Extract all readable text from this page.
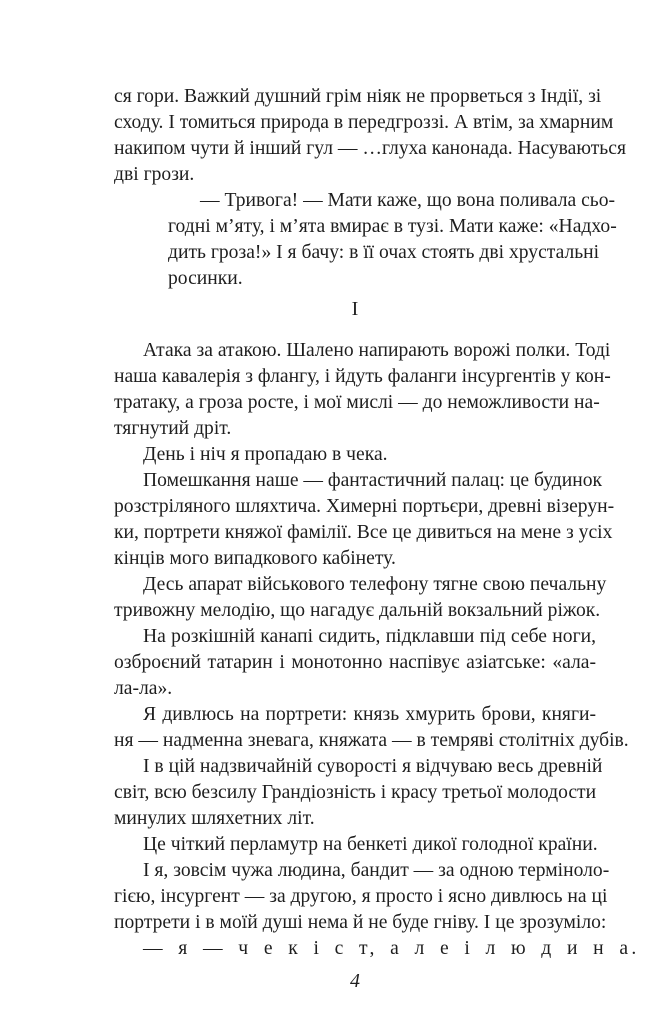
ся гори. Важкий душний грім ніяк не прорветься з Індії, зі
сходу. І томиться природа в передгроззі. А втім, за хмарним
накипом чути й інший гул — …глуха канонада. Насуваються
дві грози.
— Тривога! — Мати каже, що вона поливала сьо-
годні м’яту, і м’ята вмирає в тузі. Мати каже: «Надхо-
дить гроза!» І я бачу: в її очах стоять дві хрустальні
росинки.
I
Атака за атакою. Шалено напирають ворожі полки. Тоді
наша кавалерія з флангу, і йдуть фаланги інсургентів у кон-
тратаку, а гроза росте, і мої мислі — до неможливости на-
тягнутий дріт.
День і ніч я пропадаю в чека.
Помешкання наше — фантастичний палац: це будинок
розстріляного шляхтича. Химерні портьєри, древні візерун-
ки, портрети княжої фамілії. Все це дивиться на мене з усіх
кінців мого випадкового кабінету.
Десь апарат військового телефону тягне свою печальну
тривожну мелодію, що нагадує дальній вокзальний ріжок.
На розкішній канапі сидить, підклавши під себе ноги,
озброєний татарин і монотонно наспівує азіатське: «ала-
ла-ла».
Я дивлюсь на портрети: князь хмурить брови, княги-
ня — надменна зневага, княжата — в темряві столітніх дубів.
І в цій надзвичайній суворості я відчуваю весь древній
світ, всю безсилу Грандіозність і красу третьої молодости
минулих шляхетних літ.
Це чіткий перламутр на бенкеті дикої голодної країни.
І я, зовсім чужа людина, бандит — за одною терміноло-
гією, інсургент — за другою, я просто і ясно дивлюсь на ці
портрети і в моїй душі нема й не буде гніву. І це зрозуміло:
— я — ч е к і с т, а л е і л ю д и н а.
4
